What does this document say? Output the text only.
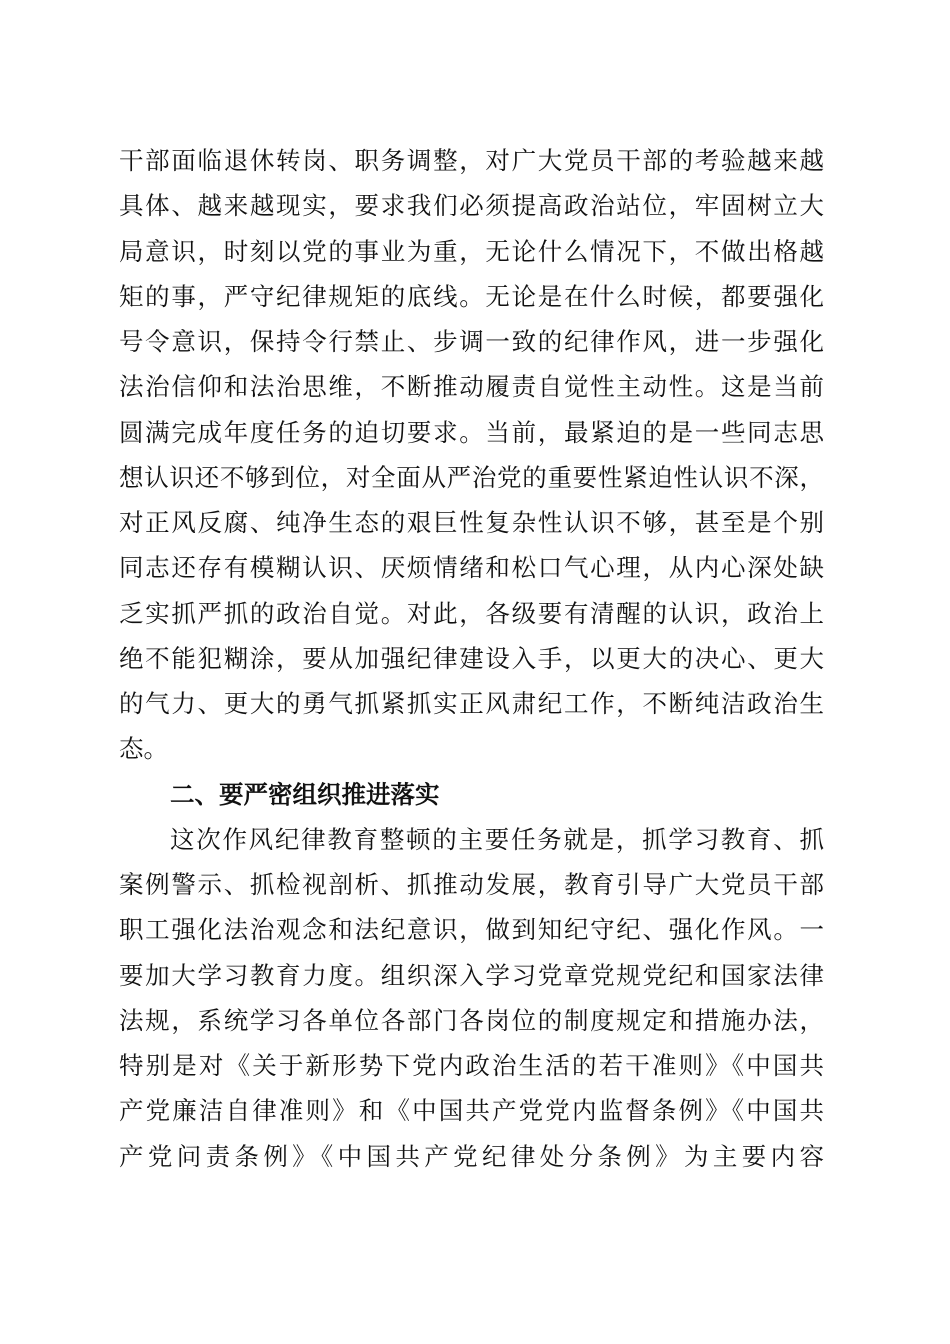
干部面临退休转岗、职务调整，对广大党员干部的考验越来越
具体、越来越现实，要求我们必须提高政治站位，牢固树立大
局意识，时刻以党的事业为重，无论什么情况下，不做出格越
矩的事，严守纪律规矩的底线。无论是在什么时候，都要强化
号令意识，保持令行禁止、步调一致的纪律作风，进一步强化
法治信仰和法治思维，不断推动履责自觉性主动性。这是当前
圆满完成年度任务的迫切要求。当前，最紧迫的是一些同志思
想认识还不够到位，对全面从严治党的重要性紧迫性认识不深，
对正风反腐、纯净生态的艰巨性复杂性认识不够，甚至是个别
同志还存有模糊认识、厌烦情绪和松口气心理，从内心深处缺
乏实抓严抓的政治自觉。对此，各级要有清醒的认识，政治上
绝不能犯糊涂，要从加强纪律建设入手，以更大的决心、更大
的气力、更大的勇气抓紧抓实正风肃纪工作，不断纯洁政治生
态。
二、要严密组织推进落实
这次作风纪律教育整顿的主要任务就是，抓学习教育、抓
案例警示、抓检视剖析、抓推动发展，教育引导广大党员干部
职工强化法治观念和法纪意识，做到知纪守纪、强化作风。一
要加大学习教育力度。组织深入学习党章党规党纪和国家法律
法规，系统学习各单位各部门各岗位的制度规定和措施办法，
特别是对《关于新形势下党内政治生活的若干准则》《中国共
产党廉洁自律准则》和《中国共产党党内监督条例》《中国共
产党问责条例》《中国共产党纪律处分条例》为主要内容
